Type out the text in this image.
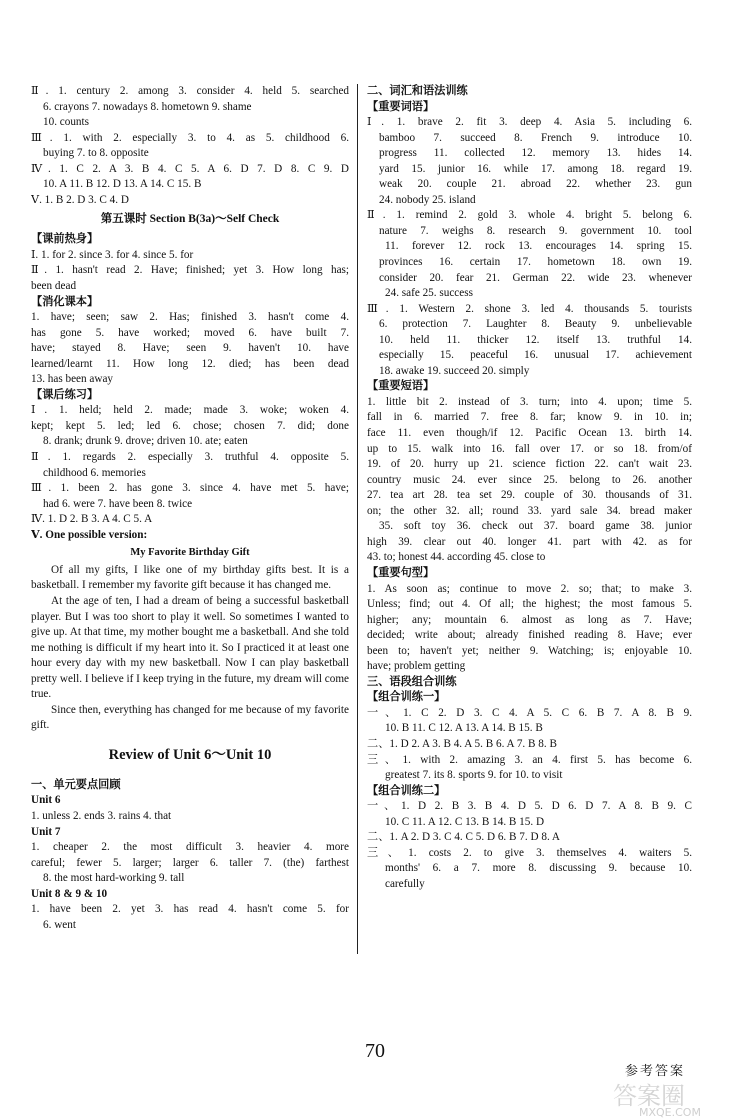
Ⅱ. 1. century 2. among 3. consider 4. held 5. searched
6. crayons 7. nowadays 8. hometown 9. shame
10. counts
Ⅲ. 1. with 2. especially 3. to 4. as 5. childhood 6.
buying 7. to 8. opposite
Ⅳ. 1. C 2. A 3. B 4. C 5. A 6. D 7. D 8. C 9. D
10. A 11. B 12. D 13. A 14. C 15. B
Ⅴ. 1. B 2. D 3. C 4. D
第五课时 Section B(3a)～Self Check
【课前热身】
Ⅰ. 1. for 2. since 3. for 4. since 5. for
Ⅱ. 1. hasn't read 2. Have; finished; yet 3. How long has;
been dead
【消化课本】
1. have; seen; saw 2. Has; finished 3. hasn't come 4.
has gone 5. have worked; moved 6. have built 7.
have; stayed 8. Have; seen 9. haven't 10. have
learned/learnt 11. How long 12. died; has been dead
13. has been away
【课后练习】
Ⅰ. 1. held; held 2. made; made 3. woke; woken 4.
kept; kept 5. led; led 6. chose; chosen 7. did; done
8. drank; drunk 9. drove; driven 10. ate; eaten
Ⅱ. 1. regards 2. especially 3. truthful 4. opposite 5.
childhood 6. memories
Ⅲ. 1. been 2. has gone 3. since 4. have met 5. have;
had 6. were 7. have been 8. twice
Ⅳ. 1. D 2. B 3. A 4. C 5. A
Ⅴ. One possible version:
My Favorite Birthday Gift
Of all my gifts, I like one of my birthday gifts best. It is a basketball. I remember my favorite gift because it has changed me.
At the age of ten, I had a dream of being a successful basketball player. But I was too short to play it well. So sometimes I wanted to give up. At that time, my mother bought me a basketball. And she told me nothing is difficult if my heart into it. So I practiced it at least one hour every day with my new basketball. Now I can play basketball pretty well. I believe if I keep trying in the future, my dream will come true.
Since then, everything has changed for me because of my favorite gift.
Review of Unit 6～Unit 10
一、单元要点回顾
Unit 6
1. unless 2. ends 3. rains 4. that
Unit 7
1. cheaper 2. the most difficult 3. heavier 4. more
careful; fewer 5. larger; larger 6. taller 7. (the) farthest
8. the most hard-working 9. tall
Unit 8 & 9 & 10
1. have been 2. yet 3. has read 4. hasn't come 5. for
6. went
二、词汇和语法训练
【重要词语】
Ⅰ. 1. brave 2. fit 3. deep 4. Asia 5. including 6.
bamboo 7. succeed 8. French 9. introduce 10.
progress 11. collected 12. memory 13. hides 14.
yard 15. junior 16. while 17. among 18. regard 19.
weak 20. couple 21. abroad 22. whether 23. gun
24. nobody 25. island
Ⅱ. 1. remind 2. gold 3. whole 4. bright 5. belong 6.
nature 7. weighs 8. research 9. government 10. tool
11. forever 12. rock 13. encourages 14. spring 15.
provinces 16. certain 17. hometown 18. own 19.
consider 20. fear 21. German 22. wide 23. whenever
24. safe 25. success
Ⅲ. 1. Western 2. shone 3. led 4. thousands 5. tourists
6. protection 7. Laughter 8. Beauty 9. unbelievable
10. held 11. thicker 12. itself 13. truthful 14.
especially 15. peaceful 16. unusual 17. achievement
18. awake 19. succeed 20. simply
【重要短语】
1. little bit 2. instead of 3. turn; into 4. upon; time 5.
fall in 6. married 7. free 8. far; know 9. in 10. in;
face 11. even though/if 12. Pacific Ocean 13. birth 14.
up to 15. walk into 16. fall over 17. or so 18. from/of
19. of 20. hurry up 21. science fiction 22. can't wait 23.
country music 24. ever since 25. belong to 26. another
27. tea art 28. tea set 29. couple of 30. thousands of 31.
on; the other 32. all; round 33. yard sale 34. bread maker
35. soft toy 36. check out 37. board game 38. junior
high 39. clear out 40. longer 41. part with 42. as for
43. to; honest 44. according 45. close to
【重要句型】
1. As soon as; continue to move 2. so; that; to make 3.
Unless; find; out 4. Of all; the highest; the most famous 5.
higher; any; mountain 6. almost as long as 7. Have;
decided; write about; already finished reading 8. Have; ever
been to; haven't yet; neither 9. Watching; is; enjoyable 10.
have; problem getting
三、语段组合训练
【组合训练一】
一、1. C 2. D 3. C 4. A 5. C 6. B 7. A 8. B 9.
10. B 11. C 12. A 13. A 14. B 15. B
二、1. D 2. A 3. B 4. A 5. B 6. A 7. B 8. B
三、1. with 2. amazing 3. an 4. first 5. has become 6.
greatest 7. its 8. sports 9. for 10. to visit
【组合训练二】
一、1. D 2. B 3. B 4. D 5. D 6. D 7. A 8. B 9. C
10. C 11. A 12. C 13. B 14. B 15. D
二、1. A 2. D 3. C 4. C 5. D 6. B 7. D 8. A
三、1. costs 2. to give 3. themselves 4. waiters 5.
months' 6. a 7. more 8. discussing 9. because 10.
carefully
70
参考答案
答案圈
MXQE.COM
